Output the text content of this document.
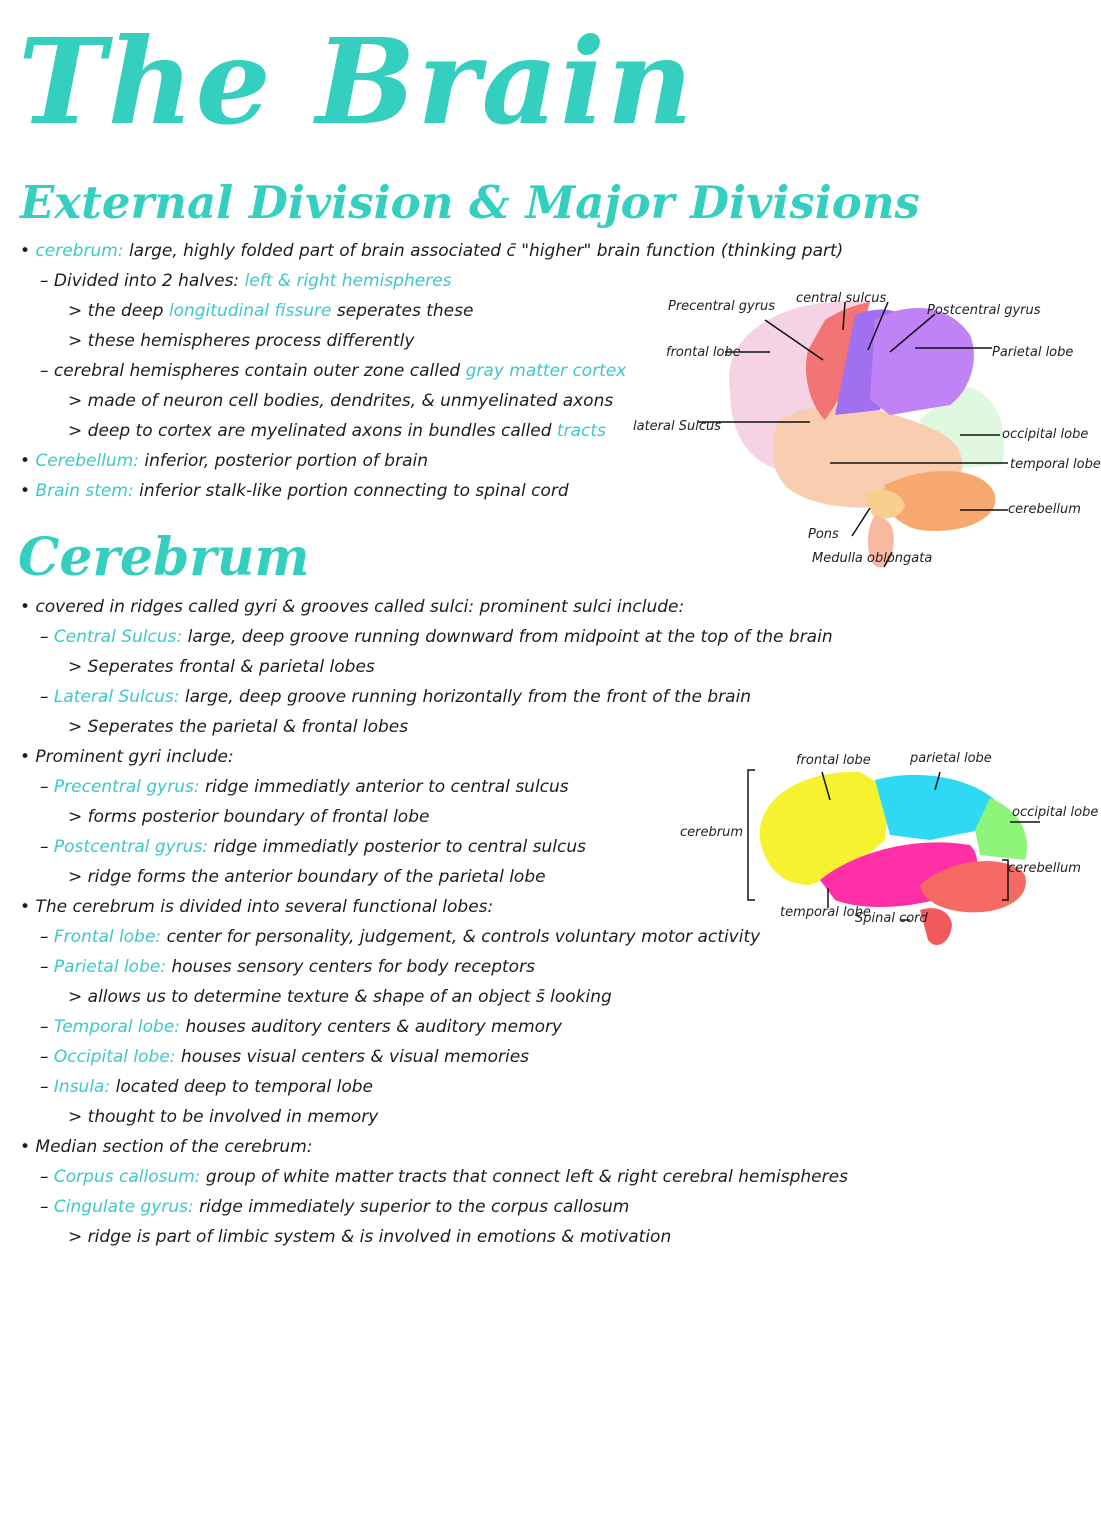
The Brain
External Division & Major Divisions
• cerebrum: large, highly folded part of brain associated c̄ "higher" brain function (thinking part)
– Divided into 2 halves: left & right hemispheres
> the deep longitudinal fissure seperates these
> these hemispheres process differently
– cerebral hemispheres contain outer zone called gray matter cortex
> made of neuron cell bodies, dendrites, & unmyelinated axons
> deep to cortex are myelinated axons in bundles called tracts
• Cerebellum: inferior, posterior portion of brain
• Brain stem: inferior stalk-like portion connecting to spinal cord
Cerebrum
• covered in ridges called gyri & grooves called sulci: prominent sulci include:
– Central Sulcus: large, deep groove running downward from midpoint at the top of the brain
> Seperates frontal & parietal lobes
– Lateral Sulcus: large, deep groove running horizontally from the front of the brain
> Seperates the parietal & frontal lobes
• Prominent gyri include:
– Precentral gyrus: ridge immediatly anterior to central sulcus
> forms posterior boundary of frontal lobe
– Postcentral gyrus: ridge immediatly posterior to central sulcus
> ridge forms the anterior boundary of the parietal lobe
• The cerebrum is divided into several functional lobes:
– Frontal lobe: center for personality, judgement, & controls voluntary motor activity
– Parietal lobe: houses sensory centers for body receptors
> allows us to determine texture & shape of an object s̄ looking
– Temporal lobe: houses auditory centers & auditory memory
– Occipital lobe: houses visual centers & visual memories
– Insula: located deep to temporal lobe
> thought to be involved in memory
• Median section of the cerebrum:
– Corpus callosum: group of white matter tracts that connect left & right cerebral hemispheres
– Cingulate gyrus: ridge immediately superior to the corpus callosum
> ridge is part of limbic system & is involved in emotions & motivation
Precentral gyrus
central sulcus
Postcentral gyrus
Parietal lobe
frontal lobe
lateral Sulcus
occipital lobe
temporal lobe
cerebellum
Pons
Medulla oblongata
frontal lobe	parietal lobe
occipital lobe
cerebellum
cerebrum
temporal lobe
Spinal cord
